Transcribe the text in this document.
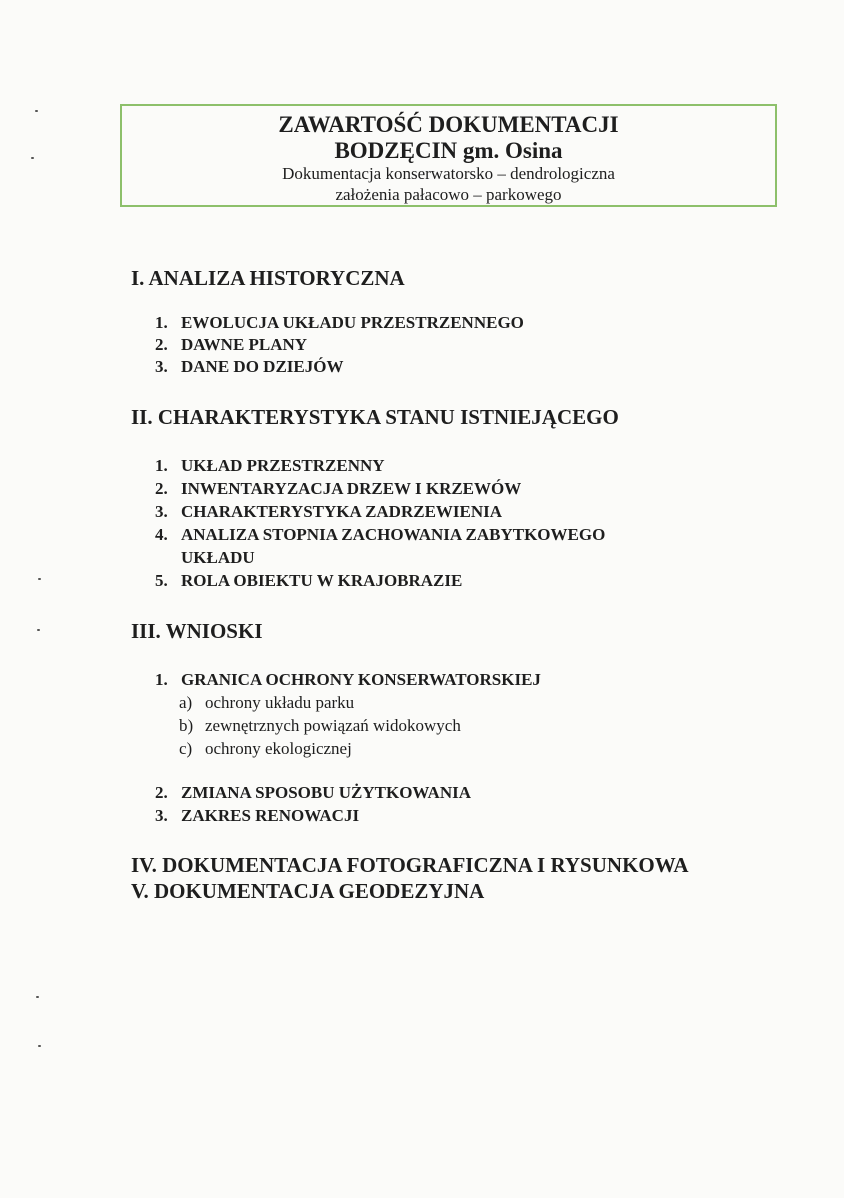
ZAWARTOŚĆ DOKUMENTACJI
BODZĘCIN gm. Osina
Dokumentacja konserwatorsko – dendrologiczna
założenia pałacowo – parkowego
I. ANALIZA HISTORYCZNA
1. EWOLUCJA UKŁADU PRZESTRZENNEGO
2. DAWNE PLANY
3. DANE DO DZIEJÓW
II. CHARAKTERYSTYKA STANU ISTNIEJĄCEGO
1. UKŁAD PRZESTRZENNY
2. INWENTARYZACJA DRZEW I KRZEWÓW
3. CHARAKTERYSTYKA ZADRZEWIENIA
4. ANALIZA STOPNIA ZACHOWANIA ZABYTKOWEGO
UKŁADU
5. ROLA OBIEKTU W KRAJOBRAZIE
III. WNIOSKI
1. GRANICA OCHRONY KONSERWATORSKIEJ
a) ochrony układu parku
b) zewnętrznych powiązań widokowych
c) ochrony ekologicznej
2. ZMIANA SPOSOBU UŻYTKOWANIA
3. ZAKRES RENOWACJI
IV. DOKUMENTACJA FOTOGRAFICZNA I RYSUNKOWA
V. DOKUMENTACJA GEODEZYJNA
